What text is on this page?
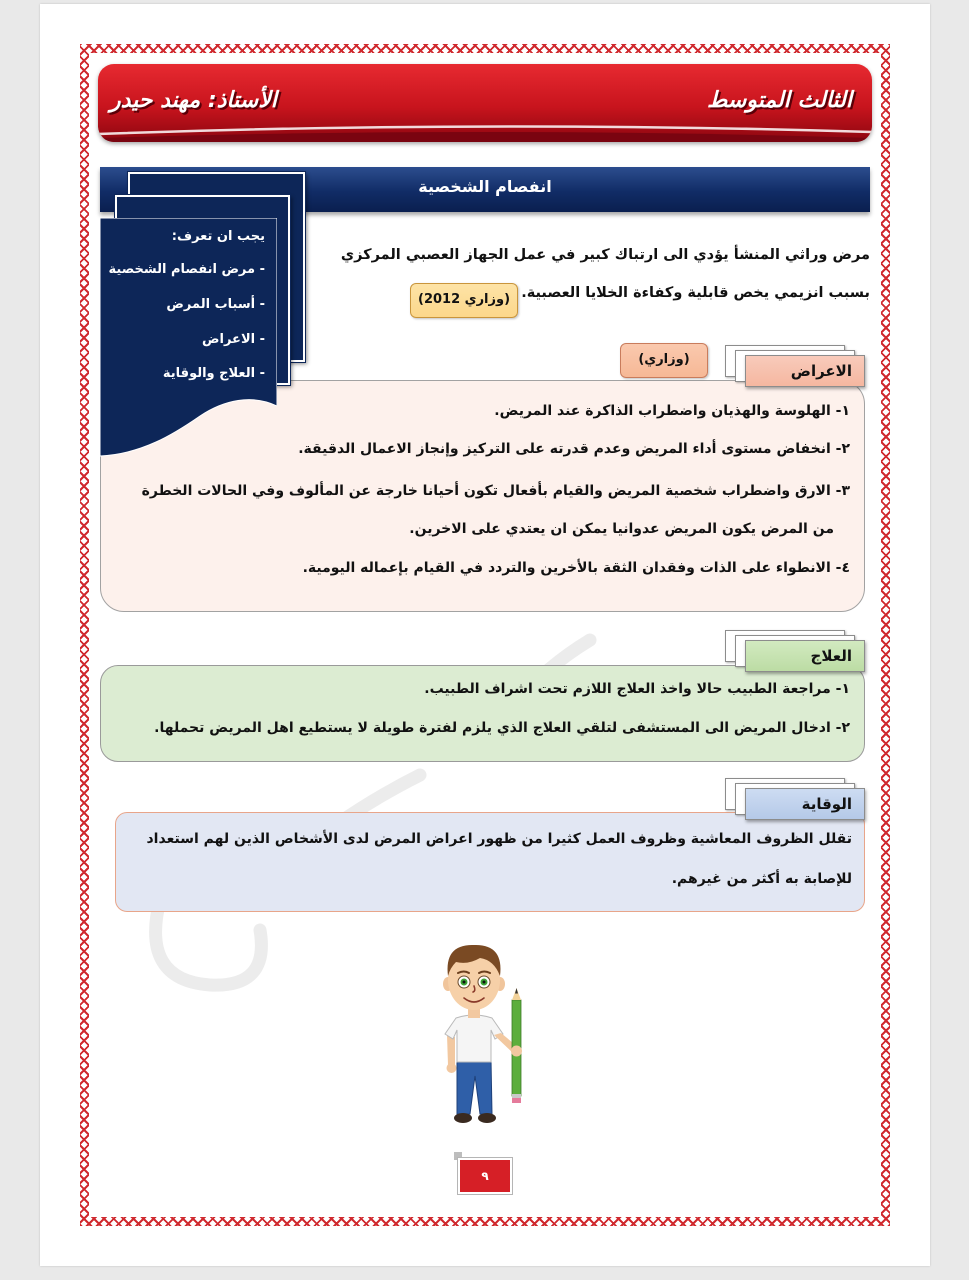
الثالث المتوسط
الأستاذ: مهند حيدر
انفصام الشخصية
يجب ان تعرف:
- مرض انفصام الشخصية
- أسباب المرض
- الاعراض
- العلاج والوقاية
مرض وراثي المنشأ يؤدي الى ارتباك كبير في عمل الجهاز العصبي المركزي
بسبب انزيمي يخص قابلية وكفاءة الخلايا العصبية.
(وزاري 2012)
(وزاري)
الاعراض
١- الهلوسة والهذيان واضطراب الذاكرة عند المريض.
٢- انخفاض مستوى أداء المريض وعدم قدرته على التركيز وإنجاز الاعمال الدقيقة.
٣- الارق واضطراب شخصية المريض والقيام بأفعال تكون أحيانا خارجة عن المألوف وفي الحالات الخطرة
من المرض يكون المريض عدوانيا يمكن ان يعتدي على الاخرين.
٤- الانطواء على الذات وفقدان الثقة بالأخرين والتردد في القيام بإعماله اليومية.
العلاج
١- مراجعة الطبيب حالا واخذ العلاج اللازم تحت اشراف الطبيب.
٢- ادخال المريض الى المستشفى لتلقي العلاج الذي يلزم لفترة طويلة لا يستطيع اهل المريض تحملها.
الوقاية
تقلل الظروف المعاشية وظروف العمل كثيرا من ظهور اعراض المرض لدى الأشخاص الذين لهم استعداد
للإصابة به أكثر من غيرهم.
٩
